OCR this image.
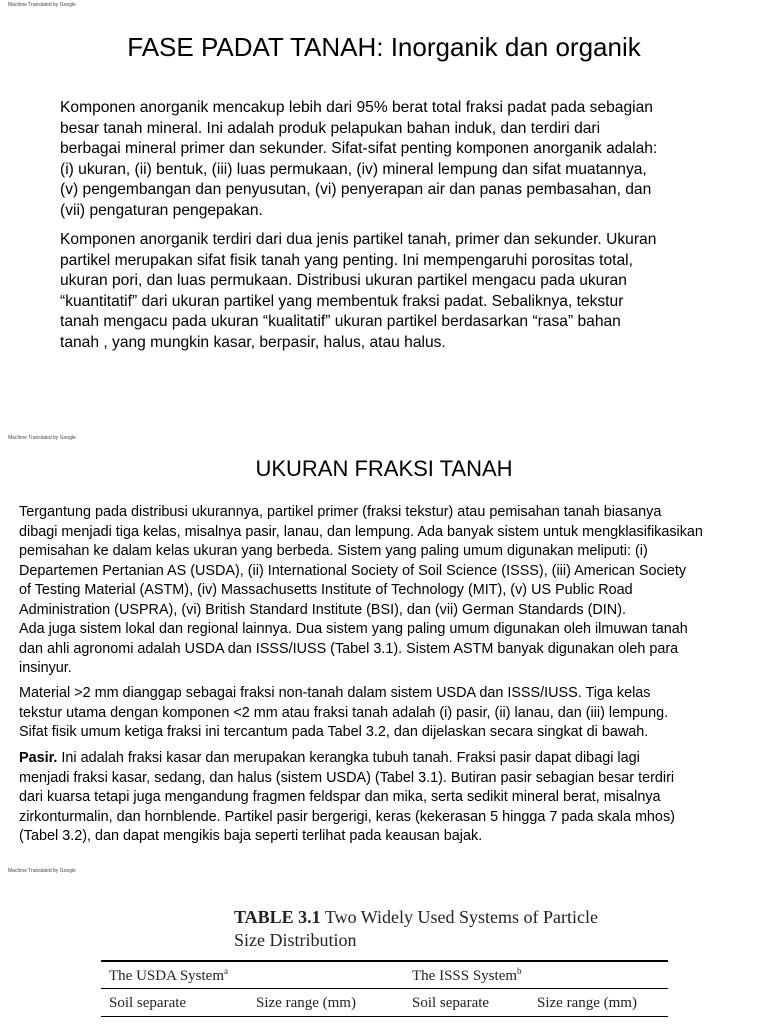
Machine Translated by Google
FASE PADAT TANAH: Inorganik dan organik

Komponen anorganik mencakup lebih dari 95% berat total fraksi padat pada sebagian
besar tanah mineral. Ini adalah produk pelapukan bahan induk, dan terdiri dari
berbagai mineral primer dan sekunder. Sifat-sifat penting komponen anorganik adalah:
(i) ukuran, (ii) bentuk, (iii) luas permukaan, (iv) mineral lempung dan sifat muatannya,
(v) pengembangan dan penyusutan, (vi) penyerapan air dan panas pembasahan, dan
(vii) pengaturan pengepakan.

Komponen anorganik terdiri dari dua jenis partikel tanah, primer dan sekunder. Ukuran
partikel merupakan sifat fisik tanah yang penting. Ini mempengaruhi porositas total,
ukuran pori, dan luas permukaan. Distribusi ukuran partikel mengacu pada ukuran
“kuantitatif” dari ukuran partikel yang membentuk fraksi padat. Sebaliknya, tekstur
tanah mengacu pada ukuran “kualitatif” ukuran partikel berdasarkan “rasa” bahan
tanah , yang mungkin kasar, berpasir, halus, atau halus.

Machine Translated by Google
UKURAN FRAKSI TANAH

Tergantung pada distribusi ukurannya, partikel primer (fraksi tekstur) atau pemisahan tanah biasanya
dibagi menjadi tiga kelas, misalnya pasir, lanau, dan lempung. Ada banyak sistem untuk mengklasifikasikan
pemisahan ke dalam kelas ukuran yang berbeda. Sistem yang paling umum digunakan meliputi: (i)
Departemen Pertanian AS (USDA), (ii) International Society of Soil Science (ISSS), (iii) American Society
of Testing Material (ASTM), (iv) Massachusetts Institute of Technology (MIT), (v) US Public Road
Administration (USPRA), (vi) British Standard Institute (BSI), dan (vii) German Standards (DIN).
Ada juga sistem lokal dan regional lainnya. Dua sistem yang paling umum digunakan oleh ilmuwan tanah
dan ahli agronomi adalah USDA dan ISSS/IUSS (Tabel 3.1). Sistem ASTM banyak digunakan oleh para
insinyur.

Material >2 mm dianggap sebagai fraksi non-tanah dalam sistem USDA dan ISSS/IUSS. Tiga kelas
tekstur utama dengan komponen <2 mm atau fraksi tanah adalah (i) pasir, (ii) lanau, dan (iii) lempung.
Sifat fisik umum ketiga fraksi ini tercantum pada Tabel 3.2, dan dijelaskan secara singkat di bawah.

Pasir. Ini adalah fraksi kasar dan merupakan kerangka tubuh tanah. Fraksi pasir dapat dibagi lagi
menjadi fraksi kasar, sedang, dan halus (sistem USDA) (Tabel 3.1). Butiran pasir sebagian besar terdiri
dari kuarsa tetapi juga mengandung fragmen feldspar dan mika, serta sedikit mineral berat, misalnya
zirkonturmalin, dan hornblende. Partikel pasir bergerigi, keras (kekerasan 5 hingga 7 pada skala mhos)
(Tabel 3.2), dan dapat mengikis baja seperti terlihat pada keausan bajak.

Machine Translated by Google
TABLE 3.1 Two Widely Used Systems of Particle
Size Distribution
The USDA System$^a$	The ISSS System$^b$
Soil separate	Size range (mm)	Soil separate	Size range (mm)
